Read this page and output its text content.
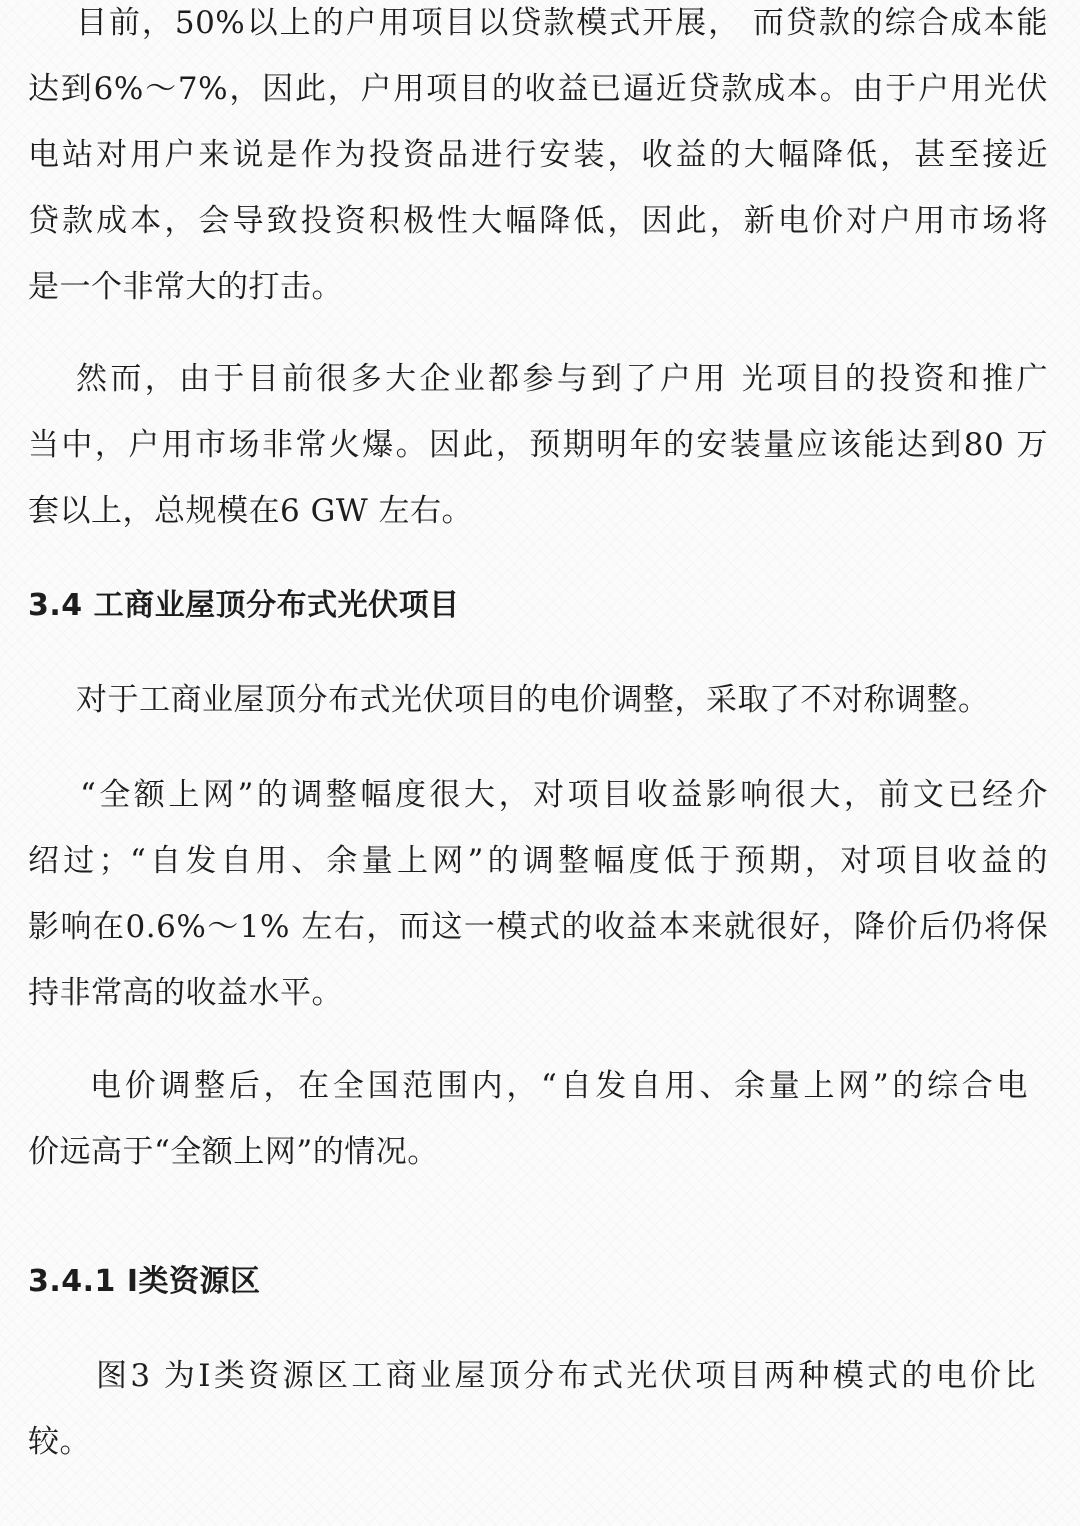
目前，50%以上的户用项目以贷款模式开展， 而贷款的综合成本能
达到6%～7%，因此，户用项目的收益已逼近贷款成本。由于户用光伏
电站对用户来说是作为投资品进行安装，收益的大幅降低，甚至接近
贷款成本，会导致投资积极性大幅降低，因此，新电价对户用市场将
是一个非常大的打击。
然而，由于目前很多大企业都参与到了户用 光项目的投资和推广
当中，户用市场非常火爆。因此，预期明年的安装量应该能达到80 万
套以上，总规模在6 GW 左右。
3.4 工商业屋顶分布式光伏项目
对于工商业屋顶分布式光伏项目的电价调整，采取了不对称调整。
“全额上网”的调整幅度很大，对项目收益影响很大，前文已经介
绍过；“自发自用、余量上网”的调整幅度低于预期，对项目收益的
影响在0.6%～1% 左右，而这一模式的收益本来就很好，降价后仍将保
持非常高的收益水平。
电价调整后，在全国范围内，“自发自用、余量上网”的综合电
价远高于“全额上网”的情况。
3.4.1 Ⅰ类资源区
图3 为Ⅰ类资源区工商业屋顶分布式光伏项目两种模式的电价比
较。
